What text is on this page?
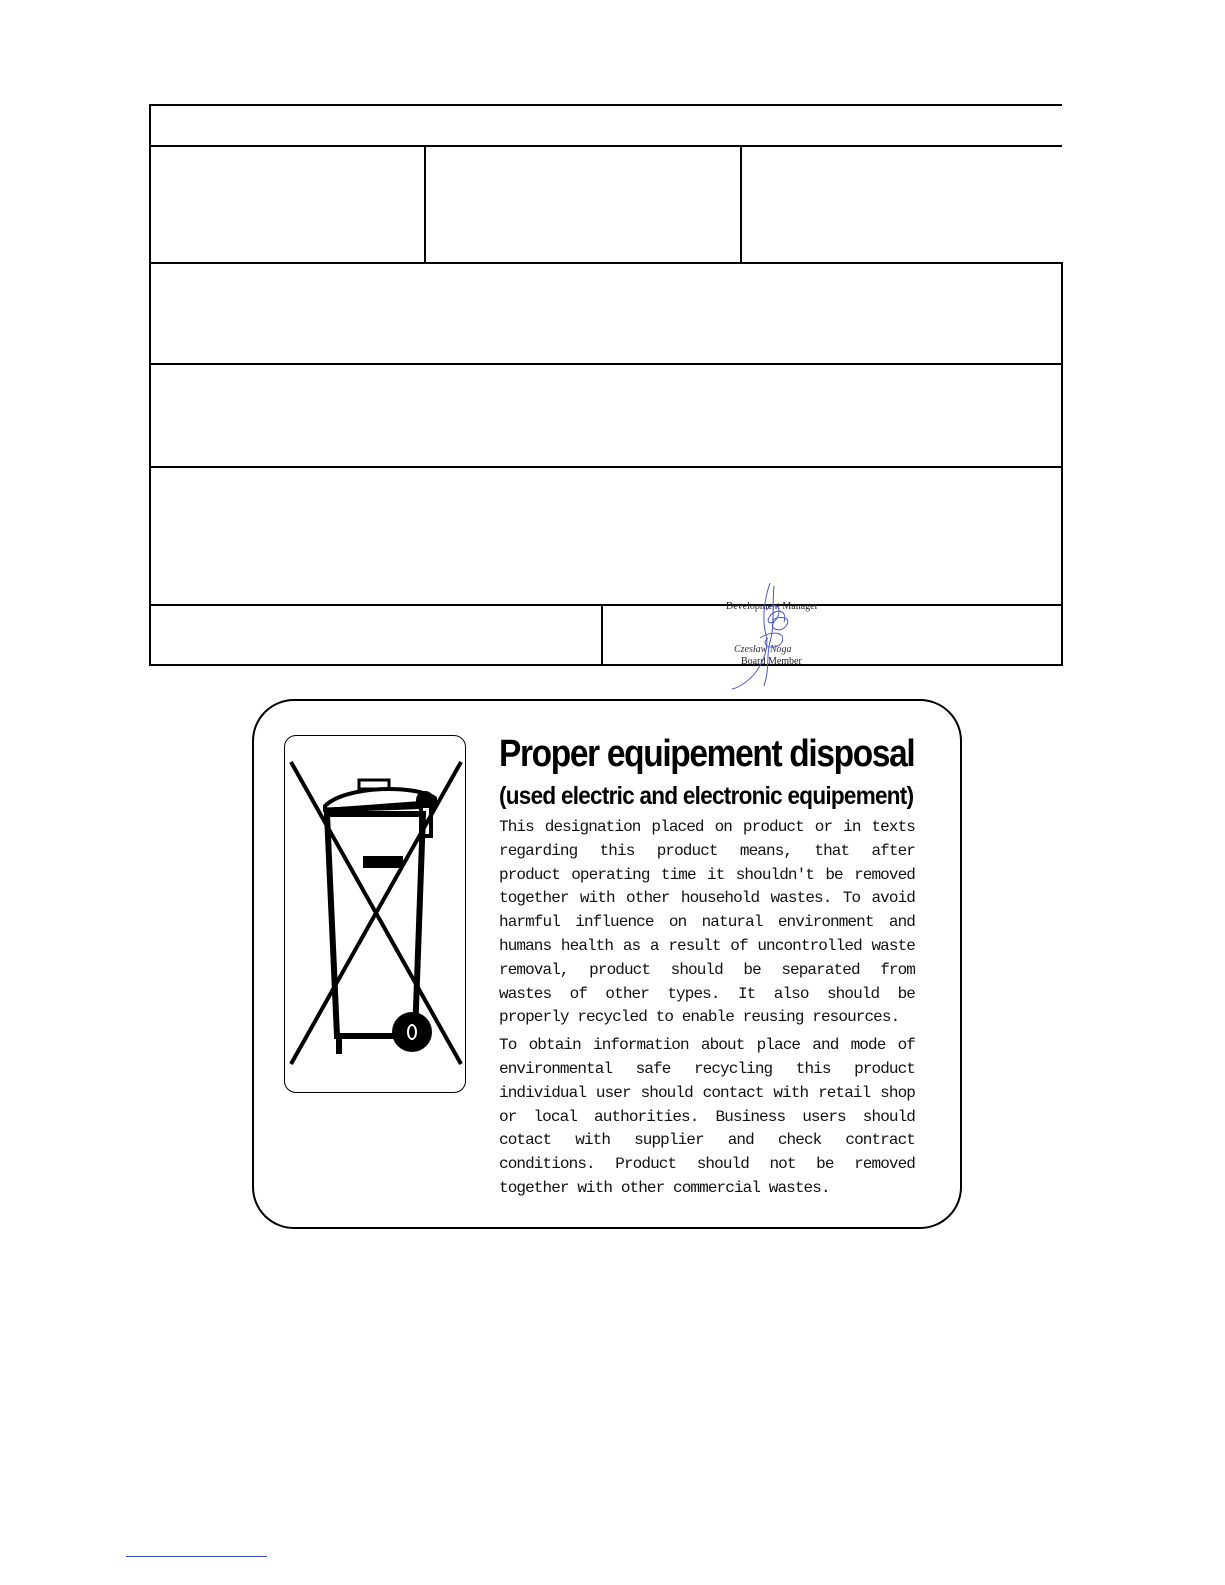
Development Manager
Czesław Noga
Board Member
Proper equipement disposal
(used electric and electronic equipement)

This designation placed on product or in texts regarding this product means, that after product operating time it shouldn't be removed together with other household wastes. To avoid harmful influence on natural environment and humans health as a result of uncontrolled waste removal, product should be separated from wastes of other types. It also should be properly recycled to enable reusing resources.

To obtain information about place and mode of environmental safe recycling this product individual user should contact with retail shop or local authorities. Business users should cotact with supplier and check contract conditions. Product should not be removed together with other commercial wastes.
